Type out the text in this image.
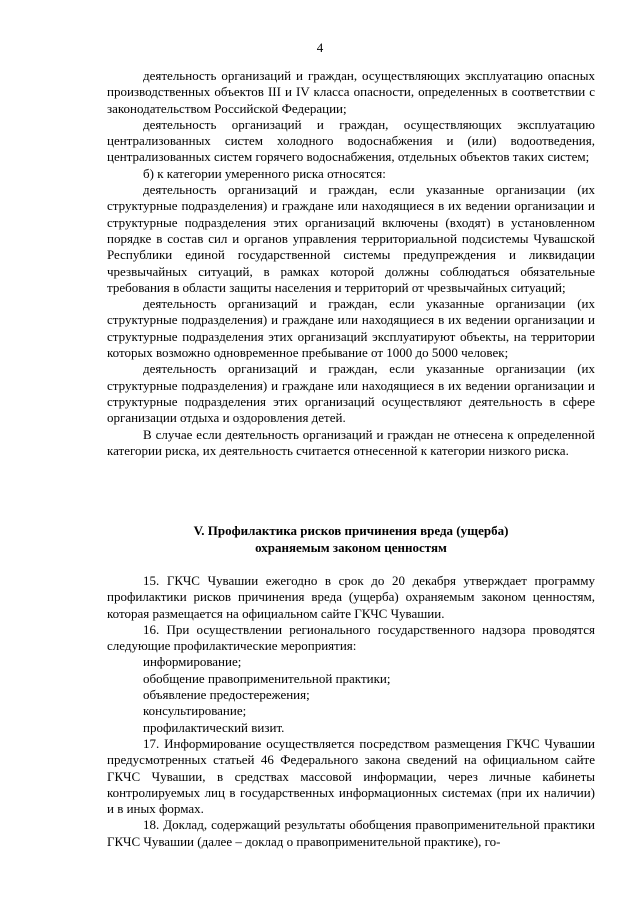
4

деятельность организаций и граждан, осуществляющих эксплуатацию опасных производственных объектов III и IV класса опасности, определенных в соответствии с законодательством Российской Федерации;

деятельность организаций и граждан, осуществляющих эксплуатацию централизованных систем холодного водоснабжения и (или) водоотведения, централизованных систем горячего водоснабжения, отдельных объектов таких систем;

б) к категории умеренного риска относятся:

деятельность организаций и граждан, если указанные организации (их структурные подразделения) и граждане или находящиеся в их ведении организации и структурные подразделения этих организаций включены (входят) в установленном порядке в состав сил и органов управления территориальной подсистемы Чувашской Республики единой государственной системы предупреждения и ликвидации чрезвычайных ситуаций, в рамках которой должны соблюдаться обязательные требования в области защиты населения и территорий от чрезвычайных ситуаций;

деятельность организаций и граждан, если указанные организации (их структурные подразделения) и граждане или находящиеся в их ведении организации и структурные подразделения этих организаций эксплуатируют объекты, на территории которых возможно одновременное пребывание от 1000 до 5000 человек;

деятельность организаций и граждан, если указанные организации (их структурные подразделения) и граждане или находящиеся в их ведении организации и структурные подразделения этих организаций осуществляют деятельность в сфере организации отдыха и оздоровления детей.

В случае если деятельность организаций и граждан не отнесена к определенной категории риска, их деятельность считается отнесенной к категории низкого риска.

V. Профилактика рисков причинения вреда (ущерба)
охраняемым законом ценностям

15. ГКЧС Чувашии ежегодно в срок до 20 декабря утверждает программу профилактики рисков причинения вреда (ущерба) охраняемым законом ценностям, которая размещается на официальном сайте ГКЧС Чувашии.

16. При осуществлении регионального государственного надзора проводятся следующие профилактические мероприятия:

информирование;
обобщение правоприменительной практики;
объявление предостережения;
консультирование;
профилактический визит.

17. Информирование осуществляется посредством размещения ГКЧС Чувашии предусмотренных статьей 46 Федерального закона сведений на официальном сайте ГКЧС Чувашии, в средствах массовой информации, через личные кабинеты контролируемых лиц в государственных информационных системах (при их наличии) и в иных формах.

18. Доклад, содержащий результаты обобщения правоприменительной практики ГКЧС Чувашии (далее – доклад о правоприменительной практике), го-
